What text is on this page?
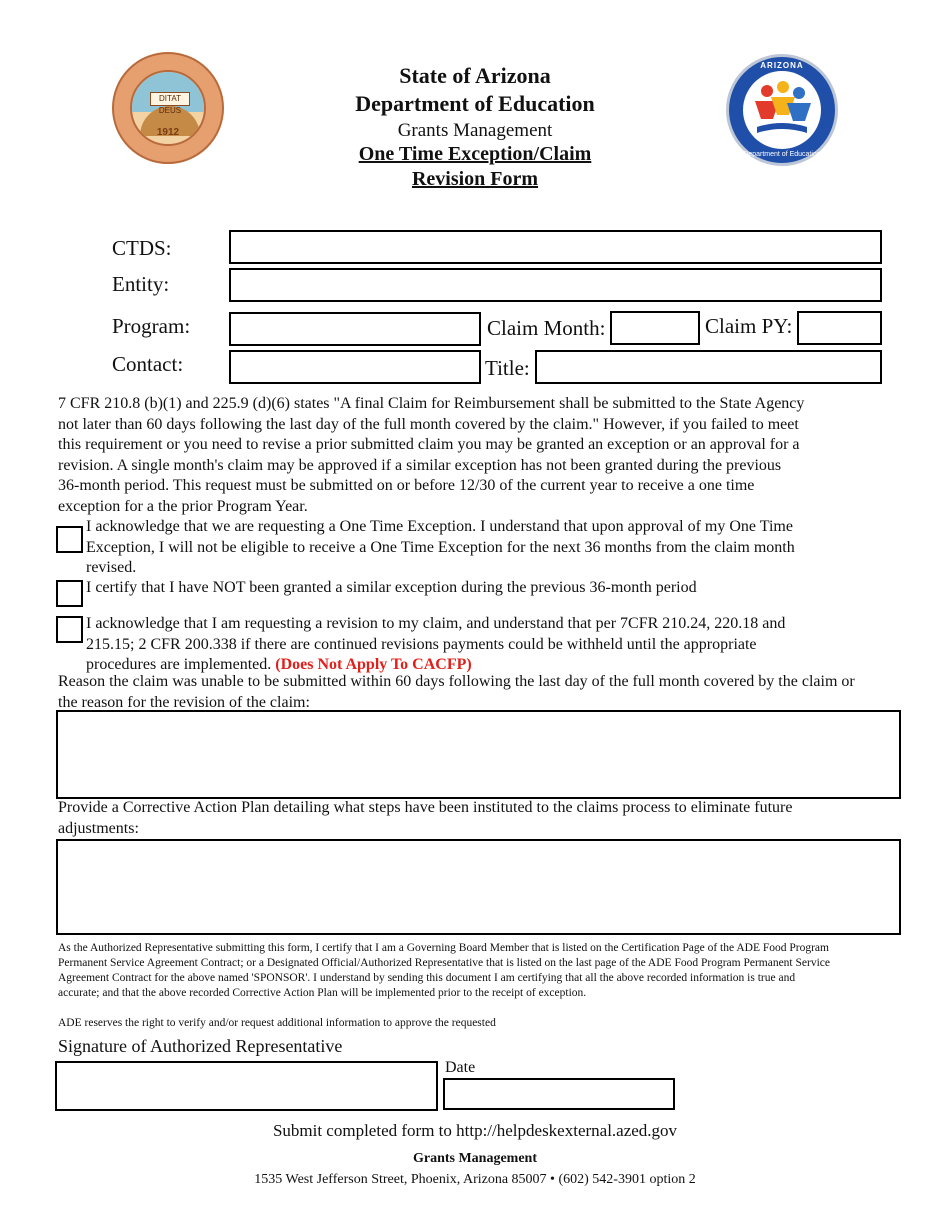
DITAT DEUS
1912
ARIZONA
Department of Education
State of Arizona
Department of Education
Grants Management
One Time Exception/Claim
Revision Form
CTDS:
Entity:
Program:	Claim Month:	Claim PY:
Contact:	Title:
7 CFR 210.8 (b)(1) and 225.9 (d)(6) states "A final Claim for Reimbursement shall be submitted to the State Agency
not later than 60 days following the last day of the full month covered by the claim." However, if you failed to meet
this requirement or you need to revise a prior submitted claim you may be granted an exception or an approval for a
revision. A single month's claim may be approved if a similar exception has not been granted during the previous
36-month period. This request must be submitted on or before 12/30 of the current year to receive a one time
exception for a the prior Program Year.
I acknowledge that we are requesting a One Time Exception. I understand that upon approval of my One Time
Exception, I will not be eligible to receive a One Time Exception for the next 36 months from the claim month
revised.
I certify that I have NOT been granted a similar exception during the previous 36-month period
I acknowledge that I am requesting a revision to my claim, and understand that per 7CFR 210.24, 220.18 and
215.15; 2 CFR 200.338 if there are continued revisions payments could be withheld until the appropriate
procedures are implemented. (Does Not Apply To CACFP)
Reason the claim was unable to be submitted within 60 days following the last day of the full month covered by the claim or
the reason for the revision of the claim:
Provide a Corrective Action Plan detailing what steps have been instituted to the claims process to eliminate future
adjustments:
As the Authorized Representative submitting this form, I certify that I am a Governing Board Member that is listed on the Certification Page of the ADE Food Program
Permanent Service Agreement Contract; or a Designated Official/Authorized Representative that is listed on the last page of the ADE Food Program Permanent Service
Agreement Contract for the above named 'SPONSOR'. I understand by sending this document I am certifying that all the above recorded information is true and
accurate; and that the above recorded Corrective Action Plan will be implemented prior to the receipt of exception.
ADE reserves the right to verify and/or request additional information to approve the requested
Signature of Authorized Representative
Date
Submit completed form to http://helpdeskexternal.azed.gov
Grants Management
1535 West Jefferson Street, Phoenix, Arizona 85007 • (602) 542-3901 option 2
